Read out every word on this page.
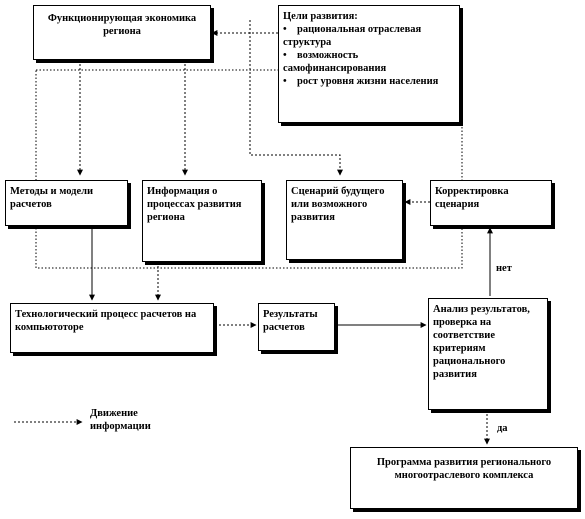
Функционирующая экономика региона
Цели развития:
• рациональная отраслевая структура
• возможность самофинансирования
• рост уровня жизни населения
Методы и модели расчетов
Информация о процессах развития региона
Сценарий будущего или возможного развития
Корректировка сценария
Технологический процесс расчетов на компьютоторе
Результаты расчетов
Анализ результатов, проверка на соответствие критериям рационального развития
Программа развития регионального многоотраслевого комплекса
нет
да
Движение информации
